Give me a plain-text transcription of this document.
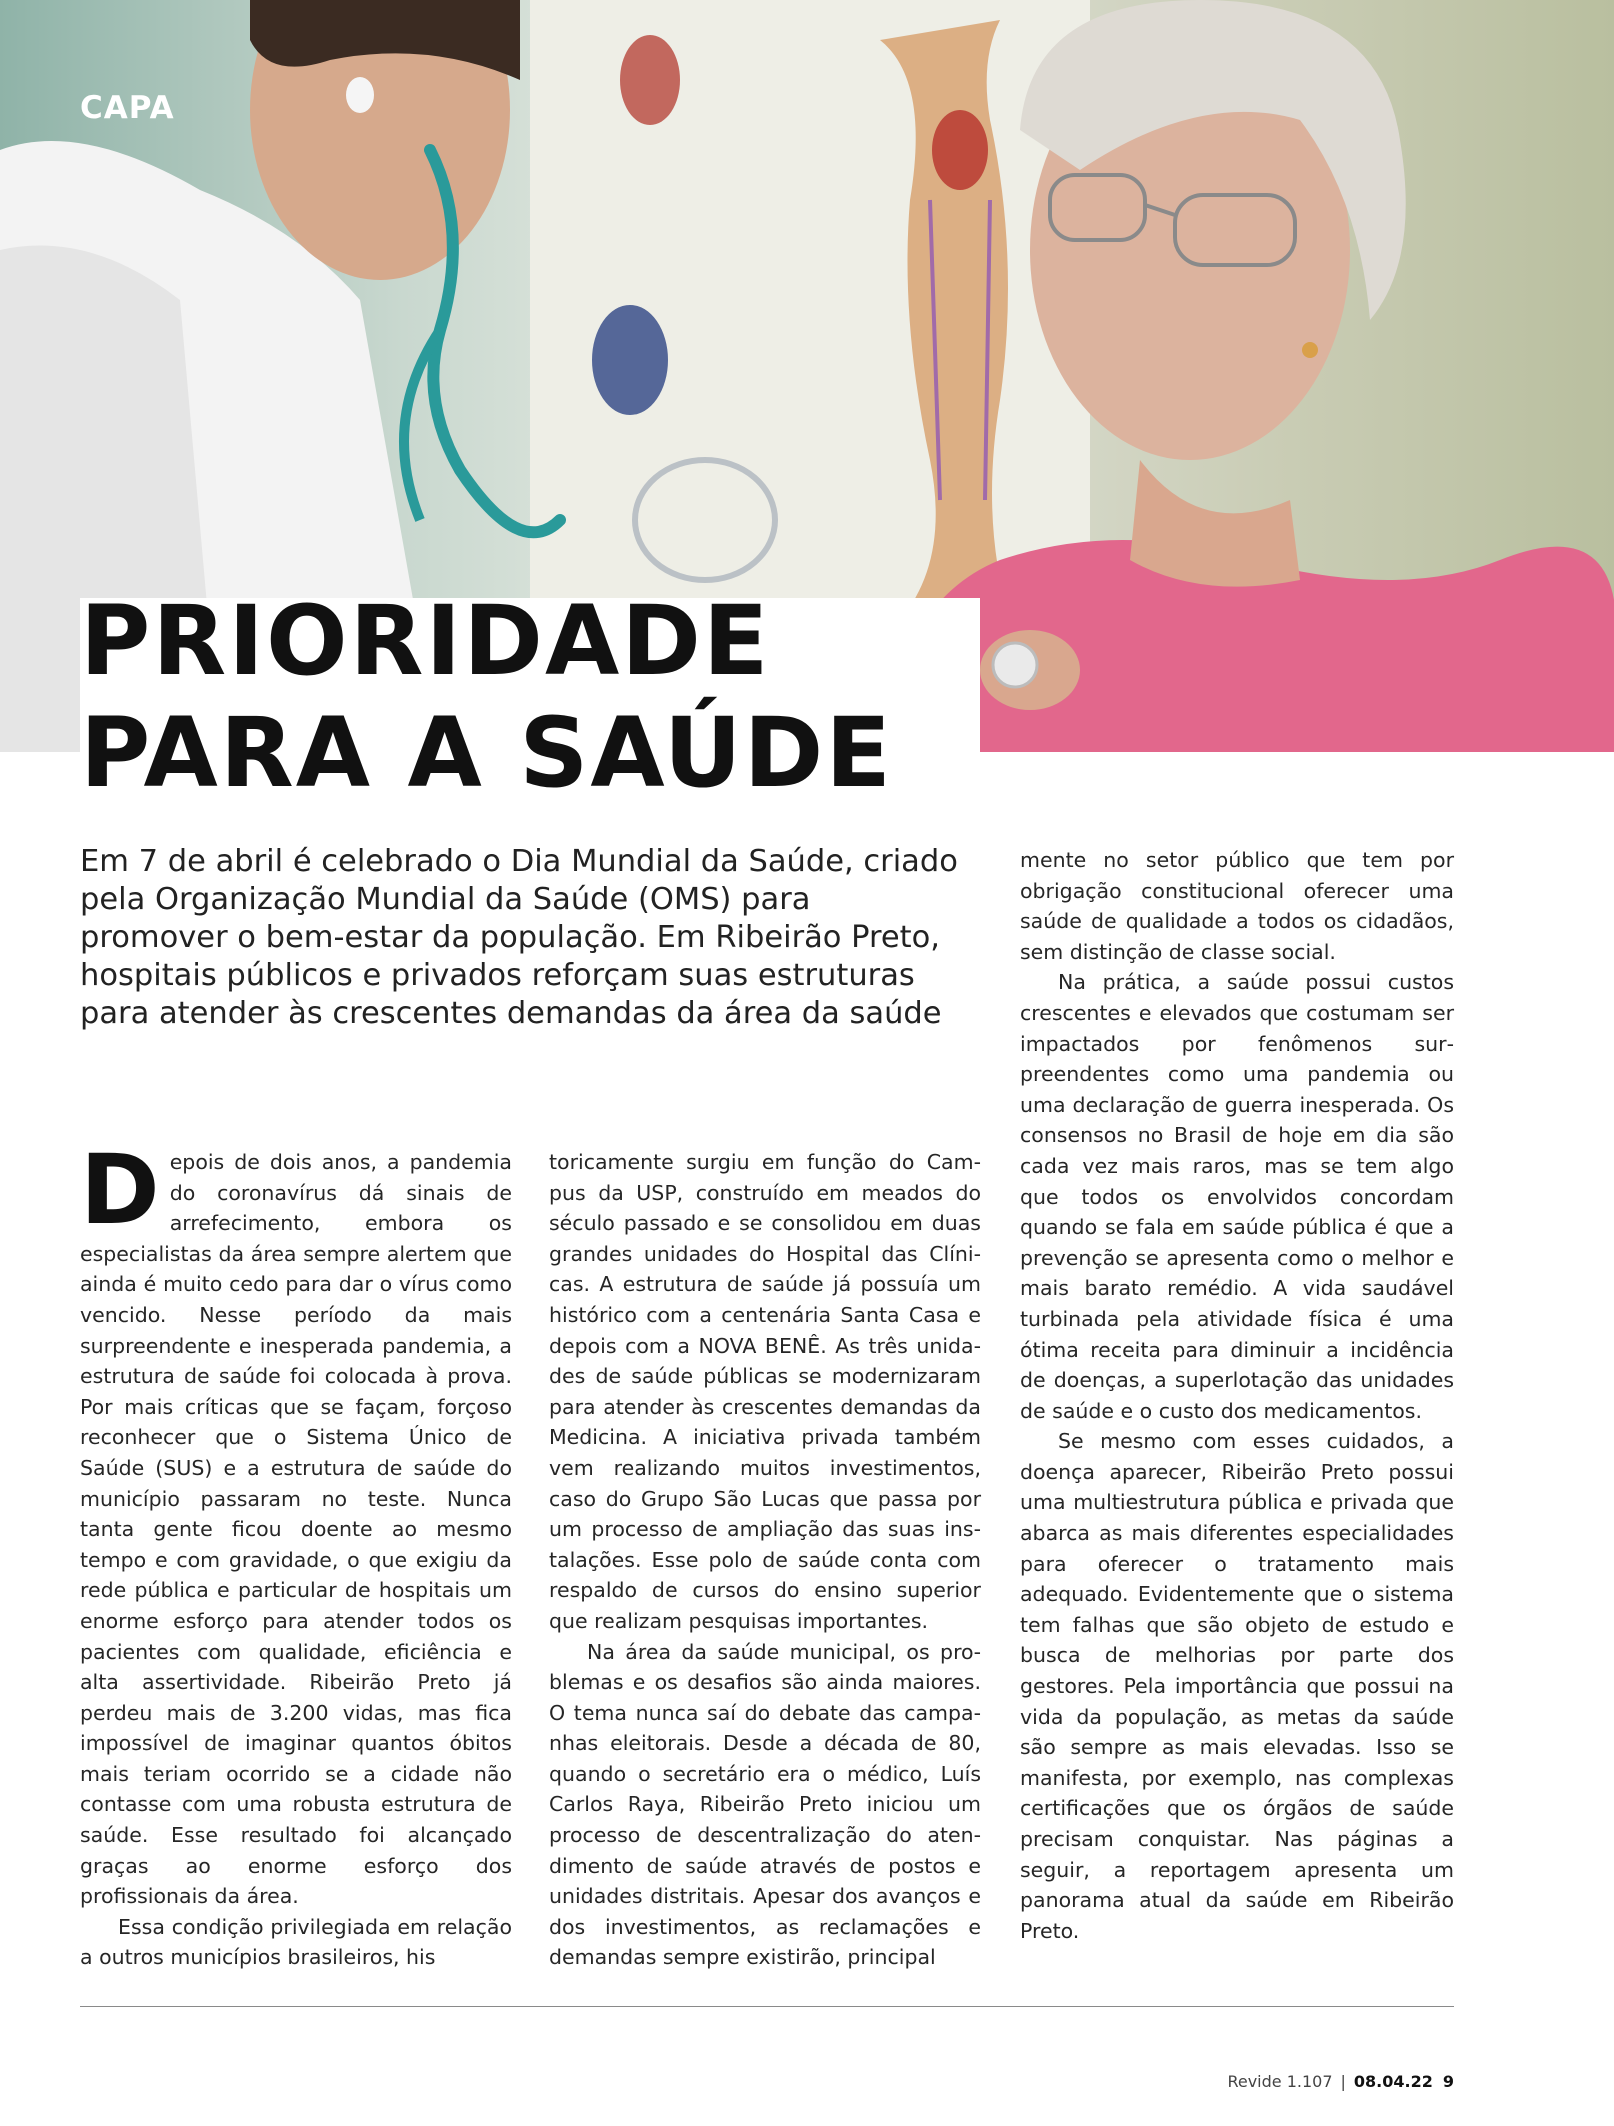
CAPA
PRIORIDADE
PARA A SAÚDE

Em 7 de abril é celebrado o Dia Mundial da Saúde, criado pela Organização Mundial da Saúde (OMS) para promover o bem-estar da população. Em Ribeirão Preto, hospitais públicos e privados reforçam suas estruturas para atender às crescentes demandas da área da saúde

Depois de dois anos, a pandemia do coronavírus dá sinais de arrefecimento, embora os especialistas da área sempre alertem que ainda é muito cedo para dar o vírus como vencido. Nesse período da mais surpreendente e inesperada pandemia, a estrutura de saúde foi colocada à prova. Por mais críticas que se façam, forçoso reconhecer que o Sistema Único de Saúde (SUS) e a estrutura de saúde do município passaram no teste. Nunca tanta gente ficou doente ao mesmo tempo e com gravidade, o que exigiu da rede pública e particular de hospitais um enorme esforço para atender todos os pacientes com qualidade, eficiência e alta assertividade. Ribeirão Preto já perdeu mais de 3.200 vidas, mas fica impossível de imaginar quantos óbitos mais teriam ocorrido se a cidade não contasse com uma robusta estrutura de saúde. Esse resultado foi alcançado graças ao enorme esforço dos profissionais da área.

Essa condição privilegiada em relação a outros municípios brasileiros, his

toricamente surgiu em função do Campus da USP, construído em meados do século passado e se consolidou em duas grandes unidades do Hospital das Clínicas. A estrutura de saúde já possuía um histórico com a centenária Santa Casa e depois com a NOVA BENÊ. As três unidades de saúde públicas se modernizaram para atender às crescentes demandas da Medicina. A iniciativa privada também vem realizando muitos investimentos, caso do Grupo São Lucas que passa por um processo de ampliação das suas instalações. Esse polo de saúde conta com respaldo de cursos do ensino superior que realizam pesquisas importantes.

Na área da saúde municipal, os problemas e os desafios são ainda maiores. O tema nunca saí do debate das campanhas eleitorais. Desde a década de 80, quando o secretário era o médico, Luís Carlos Raya, Ribeirão Preto iniciou um processo de descentralização do atendimento de saúde através de postos e unidades distritais. Apesar dos avanços e dos investimentos, as reclamações e demandas sempre existirão, principal

mente no setor público que tem por obrigação constitucional oferecer uma saúde de qualidade a todos os cidadãos, sem distinção de classe social.

Na prática, a saúde possui custos crescentes e elevados que costumam ser impactados por fenômenos surpreendentes como uma pandemia ou uma declaração de guerra inesperada. Os consensos no Brasil de hoje em dia são cada vez mais raros, mas se tem algo que todos os envolvidos concordam quando se fala em saúde pública é que a prevenção se apresenta como o melhor e mais barato remédio. A vida saudável turbinada pela atividade física é uma ótima receita para diminuir a incidência de doenças, a superlotação das unidades de saúde e o custo dos medicamentos.

Se mesmo com esses cuidados, a doença aparecer, Ribeirão Preto possui uma multiestrutura pública e privada que abarca as mais diferentes especialidades para oferecer o tratamento mais adequado. Evidentemente que o sistema tem falhas que são objeto de estudo e busca de melhorias por parte dos gestores. Pela importância que possui na vida da população, as metas da saúde são sempre as mais elevadas. Isso se manifesta, por exemplo, nas complexas certificações que os órgãos de saúde precisam conquistar. Nas páginas a seguir, a reportagem apresenta um panorama atual da saúde em Ribeirão Preto.

Revide 1.107 | 08.04.22 9
